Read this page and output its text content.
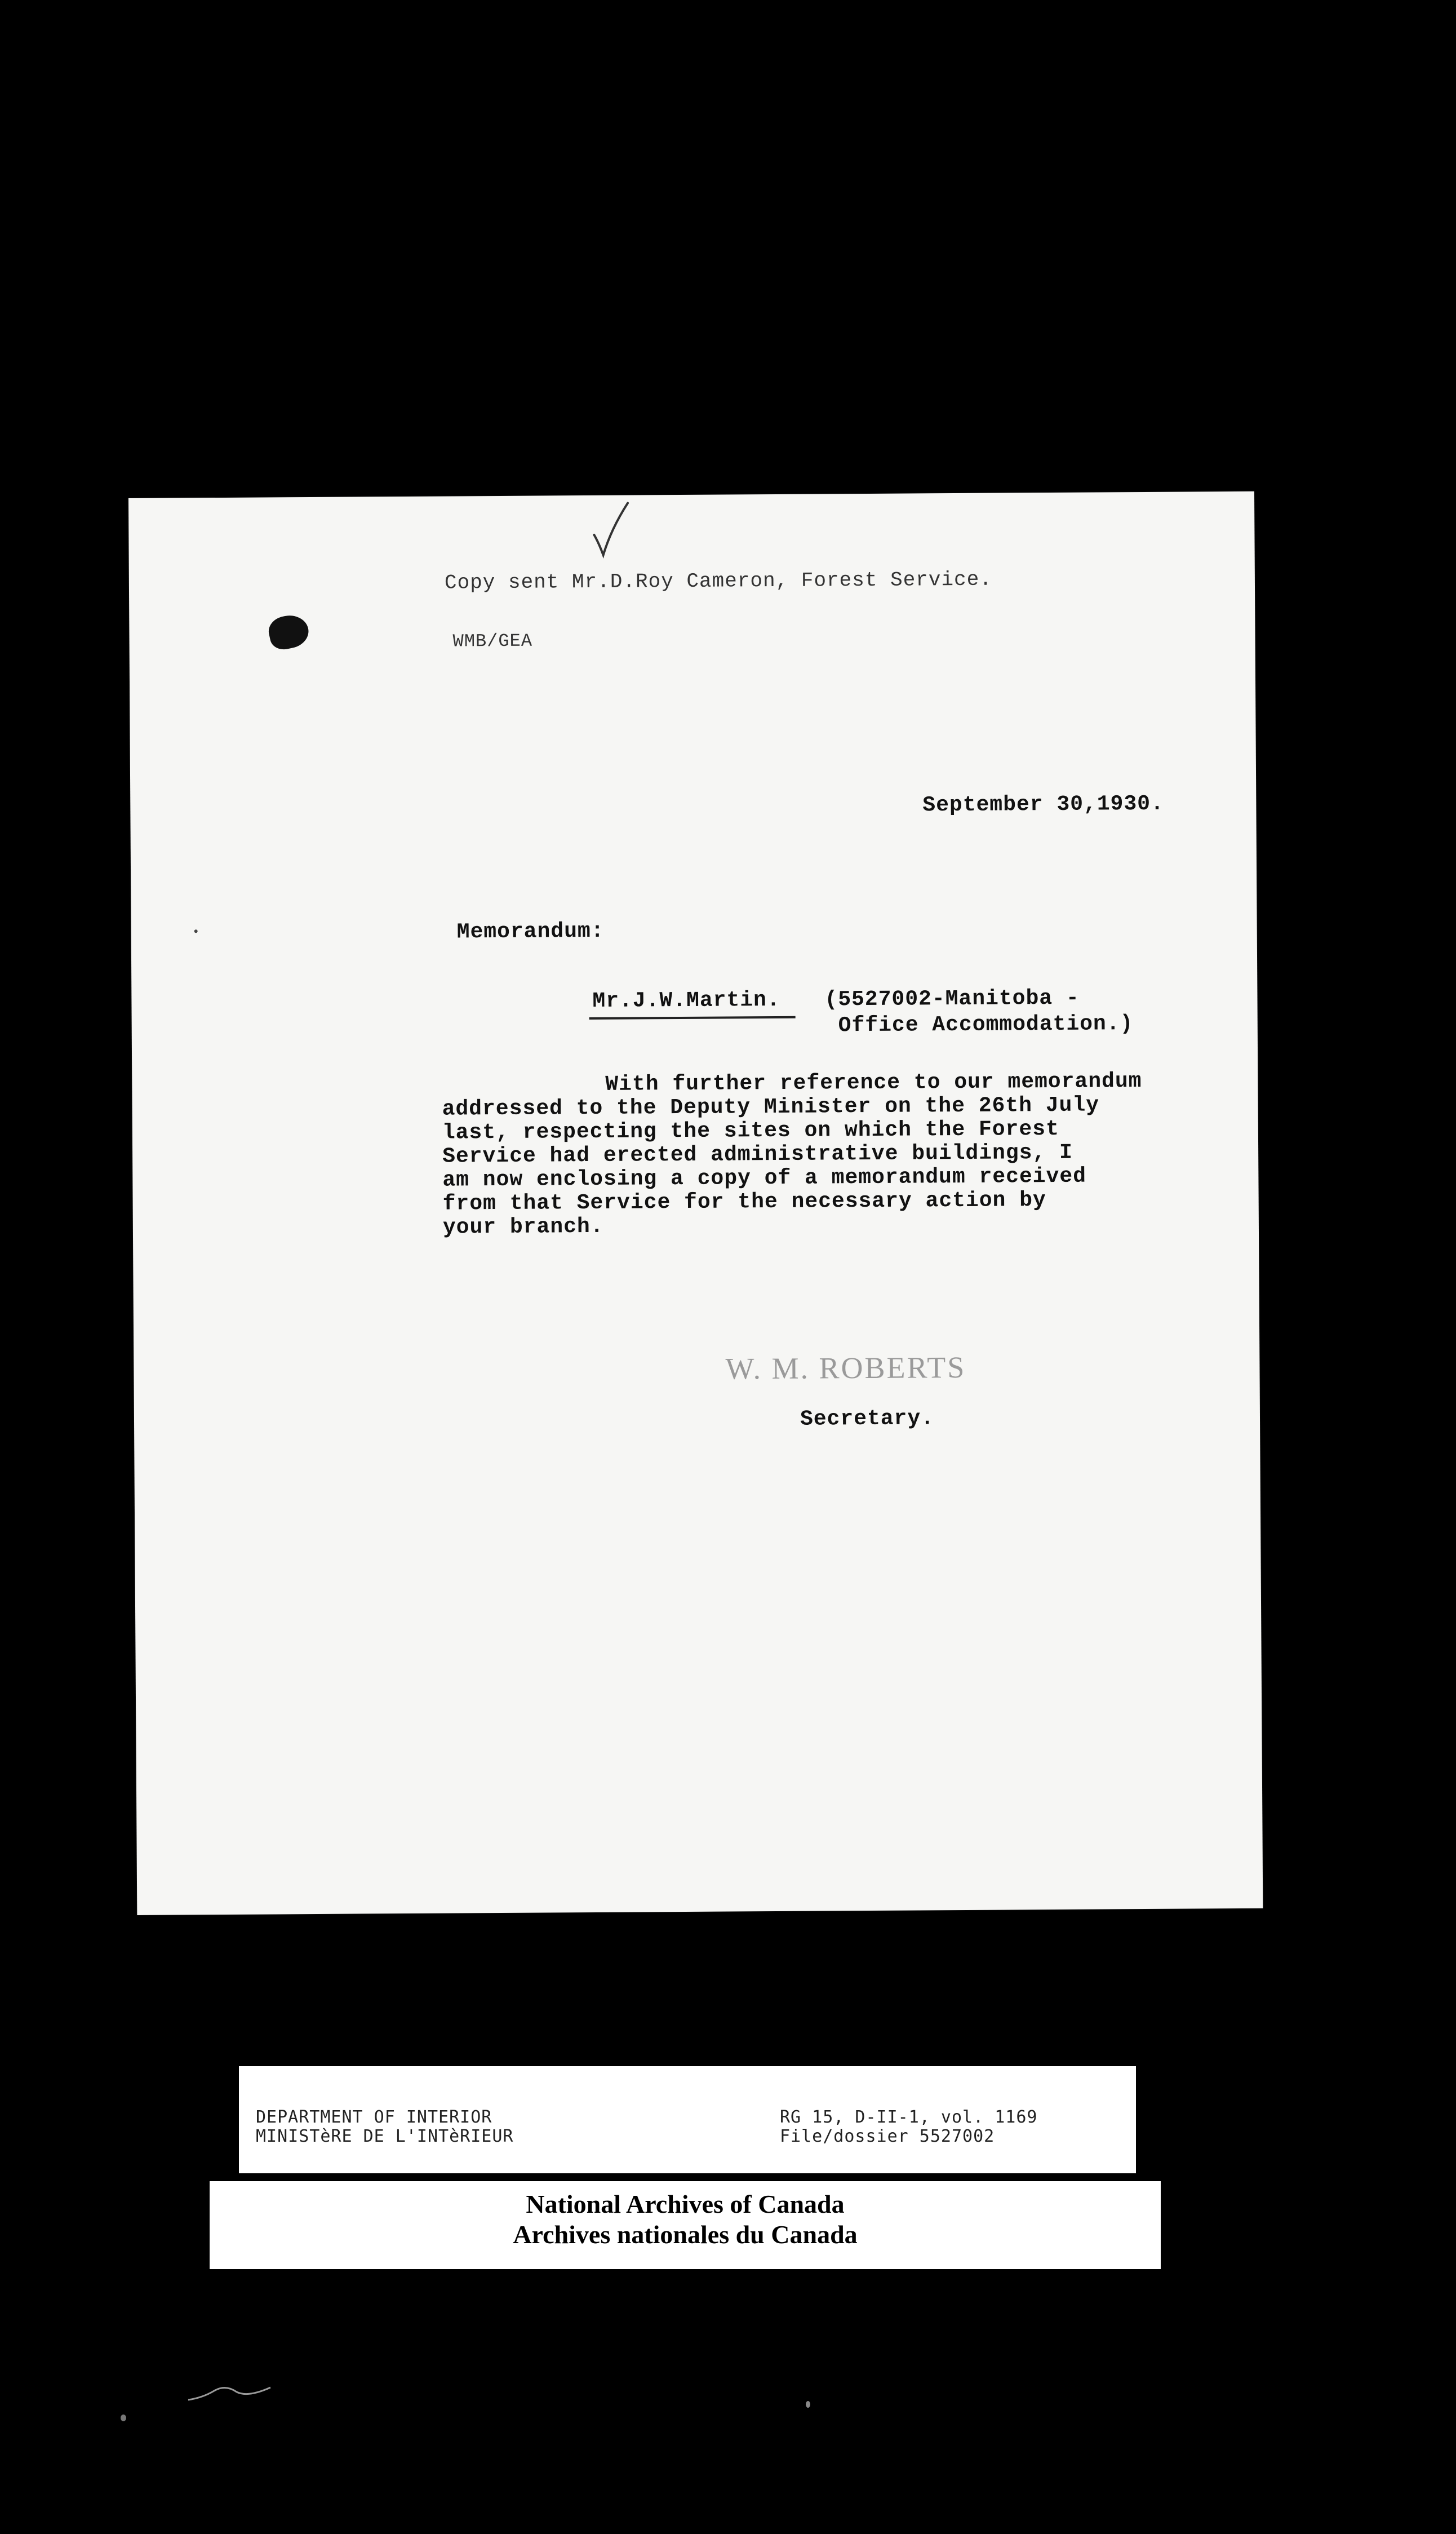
Copy sent Mr.D.Roy Cameron, Forest Service.
WMB/GEA
September 30,1930.
Memorandum:
Mr.J.W.Martin. (5527002-Manitoba -
Office Accommodation.)
With further reference to our memorandum
addressed to the Deputy Minister on the 26th July
last, respecting the sites on which the Forest
Service had erected administrative buildings, I
am now enclosing a copy of a memorandum received
from that Service for the necessary action by
your branch.
W. M. ROBERTS
Secretary.
DEPARTMENT OF INTERIOR
MINISTèRE DE L'INTèRIEUR
RG 15, D-II-1, vol. 1169
File/dossier 5527002
National Archives of Canada
Archives nationales du Canada
